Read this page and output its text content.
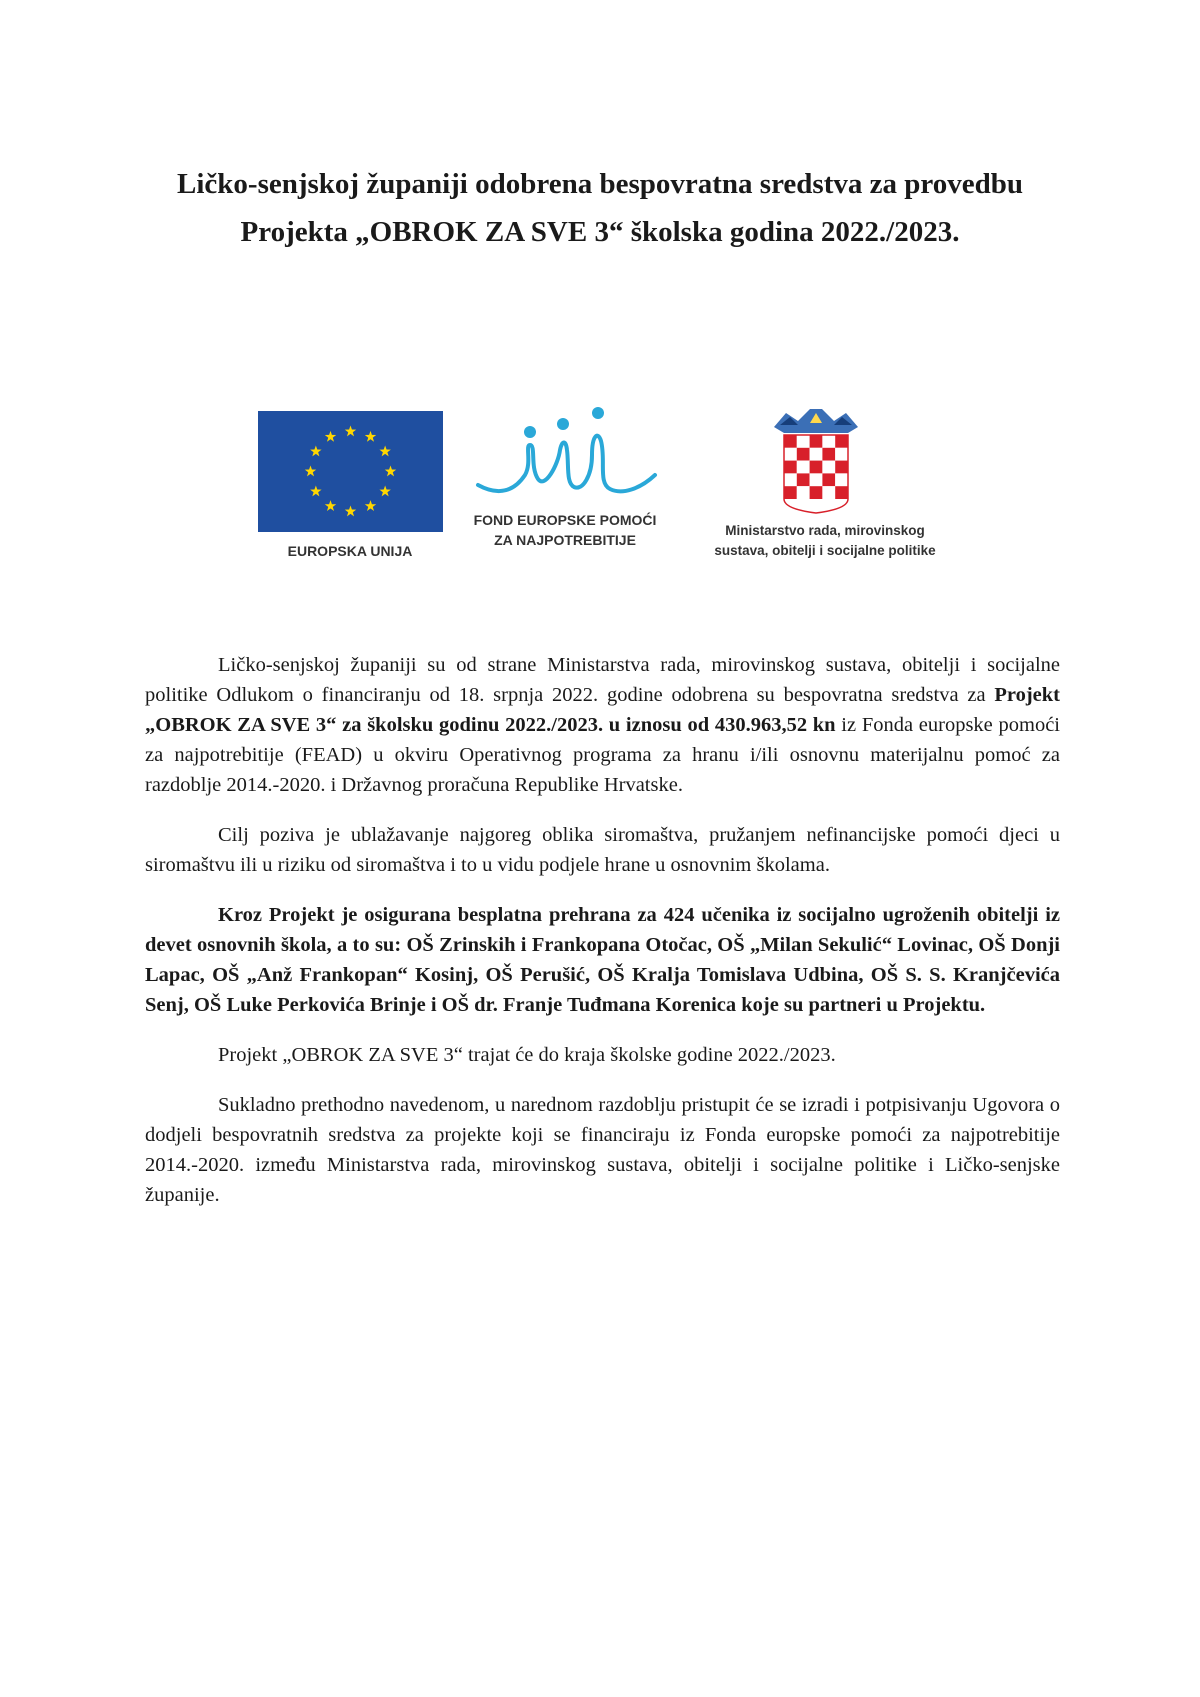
Ličko-senjskoj županiji odobrena bespovratna sredstva za provedbu
Projekta „OBROK ZA SVE 3“ školska godina 2022./2023.
EUROPSKA UNIJA
FOND EUROPSKE POMOĆI
ZA NAJPOTREBITIJE
Ministarstvo rada, mirovinskog
sustava, obitelji i socijalne politike

Ličko-senjskoj županiji su od strane Ministarstva rada, mirovinskog sustava, obitelji i socijalne politike Odlukom o financiranju od 18. srpnja 2022. godine odobrena su bespovratna sredstva za Projekt „OBROK ZA SVE 3“ za školsku godinu 2022./2023. u iznosu od 430.963,52 kn iz Fonda europske pomoći za najpotrebitije (FEAD) u okviru Operativnog programa za hranu i/ili osnovnu materijalnu pomoć za razdoblje 2014.-2020. i Državnog proračuna Republike Hrvatske.

Cilj poziva je ublažavanje najgoreg oblika siromaštva, pružanjem nefinancijske pomoći djeci u siromaštvu ili u riziku od siromaštva i to u vidu podjele hrane u osnovnim školama.

Kroz Projekt je osigurana besplatna prehrana za 424 učenika iz socijalno ugroženih obitelji iz devet osnovnih škola, a to su: OŠ Zrinskih i Frankopana Otočac, OŠ „Milan Sekulić“ Lovinac, OŠ Donji Lapac, OŠ „Anž Frankopan“ Kosinj, OŠ Perušić, OŠ Kralja Tomislava Udbina, OŠ S. S. Kranjčevića Senj, OŠ Luke Perkovića Brinje i OŠ dr. Franje Tuđmana Korenica koje su partneri u Projektu.

Projekt „OBROK ZA SVE 3“ trajat će do kraja školske godine 2022./2023.

Sukladno prethodno navedenom, u narednom razdoblju pristupit će se izradi i potpisivanju Ugovora o dodjeli bespovratnih sredstva za projekte koji se financiraju iz Fonda europske pomoći za najpotrebitije 2014.-2020. između Ministarstva rada, mirovinskog sustava, obitelji i socijalne politike i Ličko-senjske županije.
